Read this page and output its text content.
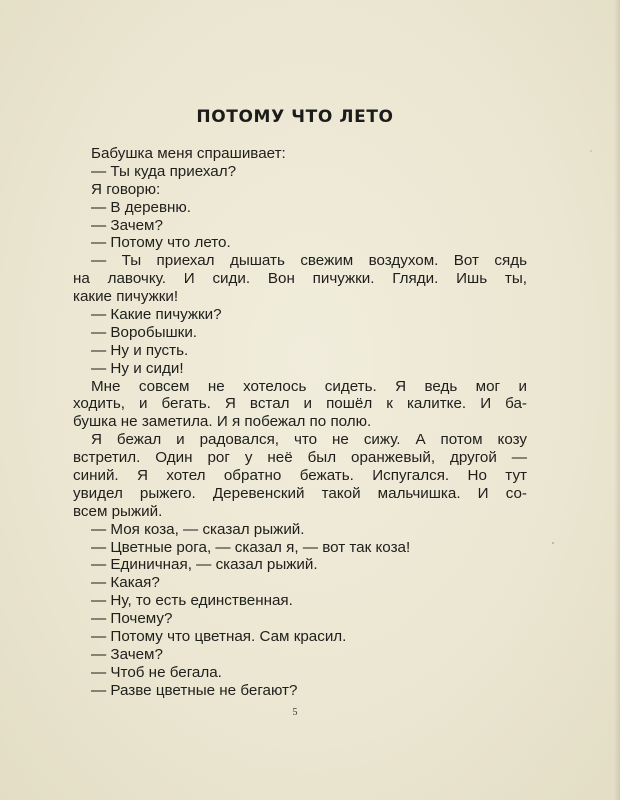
ПОТОМУ ЧТО ЛЕТО
Бабушка меня спрашивает:
— Ты куда приехал?
Я говорю:
— В деревню.
— Зачем?
— Потому что лето.
— Ты приехал дышать свежим воздухом. Вот сядь
на лавочку. И сиди. Вон пичужки. Гляди. Ишь ты,
какие пичужки!
— Какие пичужки?
— Воробышки.
— Ну и пусть.
— Ну и сиди!
Мне совсем не хотелось сидеть. Я ведь мог и
ходить, и бегать. Я встал и пошёл к калитке. И ба-
бушка не заметила. И я побежал по полю.
Я бежал и радовался, что не сижу. А потом козу
встретил. Один рог у неё был оранжевый, другой —
синий. Я хотел обратно бежать. Испугался. Но тут
увидел рыжего. Деревенский такой мальчишка. И со-
всем рыжий.
— Моя коза, — сказал рыжий.
— Цветные рога, — сказал я, — вот так коза!
— Единичная, — сказал рыжий.
— Какая?
— Ну, то есть единственная.
— Почему?
— Потому что цветная. Сам красил.
— Зачем?
— Чтоб не бегала.
— Разве цветные не бегают?
5
